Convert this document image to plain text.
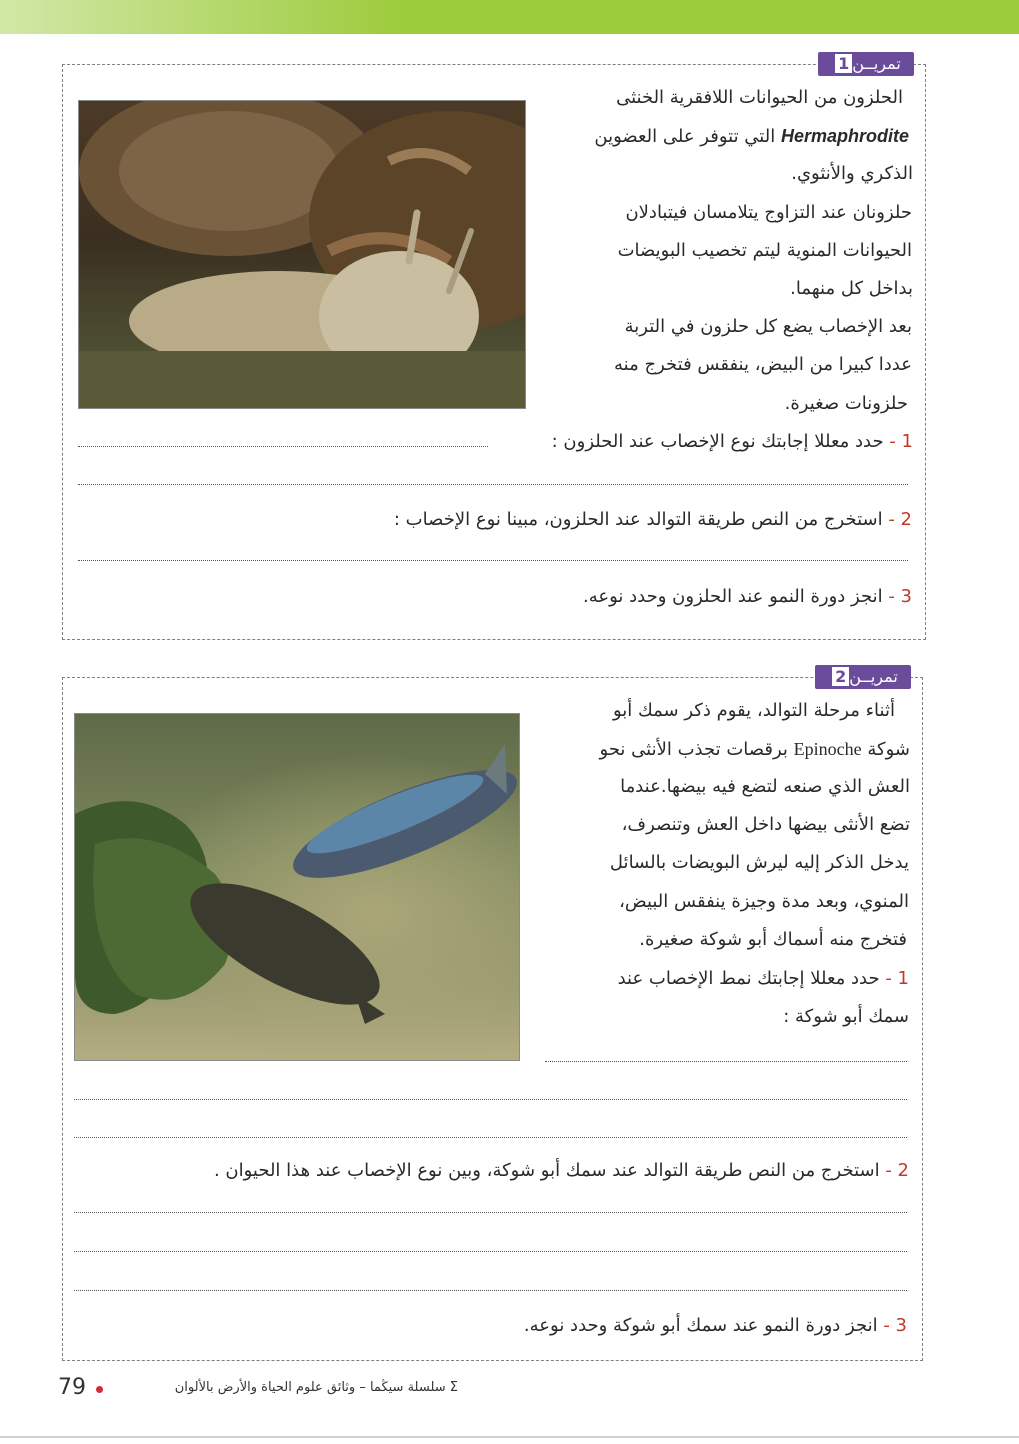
تمريــن1
الحلزون من الحيوانات اللافقرية الخنثى
Hermaphrodite التي تتوفر على العضوين
الذكري والأنثوي.
حلزونان عند التزاوج يتلامسان فيتبادلان
الحيوانات المنوية ليتم تخصيب البويضات
بداخل كل منهما.
بعد الإخصاب يضع كل حلزون في التربة
عددا كبيرا من البيض، ينفقس فتخرج منه
حلزونات صغيرة.
1 - حدد معللا إجابتك نوع الإخصاب عند الحلزون :
2 - استخرج من النص طريقة التوالد عند الحلزون، مبينا نوع الإخصاب :
3 - انجز دورة النمو عند الحلزون وحدد نوعه.
تمريــن2
أثناء مرحلة التوالد، يقوم ذكر سمك أبو
شوكة Epinoche برقصات تجذب الأنثى نحو
العش الذي صنعه لتضع فيه بيضها.عندما
تضع الأنثى بيضها داخل العش وتنصرف،
يدخل الذكر إليه ليرش البويضات بالسائل
المنوي، وبعد مدة وجيزة ينفقس البيض،
فتخرج منه أسماك أبو شوكة صغيرة.
1 - حدد معللا إجابتك نمط الإخصاب عند
سمك أبو شوكة :
2 - استخرج من النص طريقة التوالد عند سمك أبو شوكة، وبين نوع الإخصاب عند هذا الحيوان .
3 - انجز دورة النمو عند سمك أبو شوكة وحدد نوعه.
79	Σ سلسلة سيڭما – وثائق علوم الحياة والأرض بالألوان
